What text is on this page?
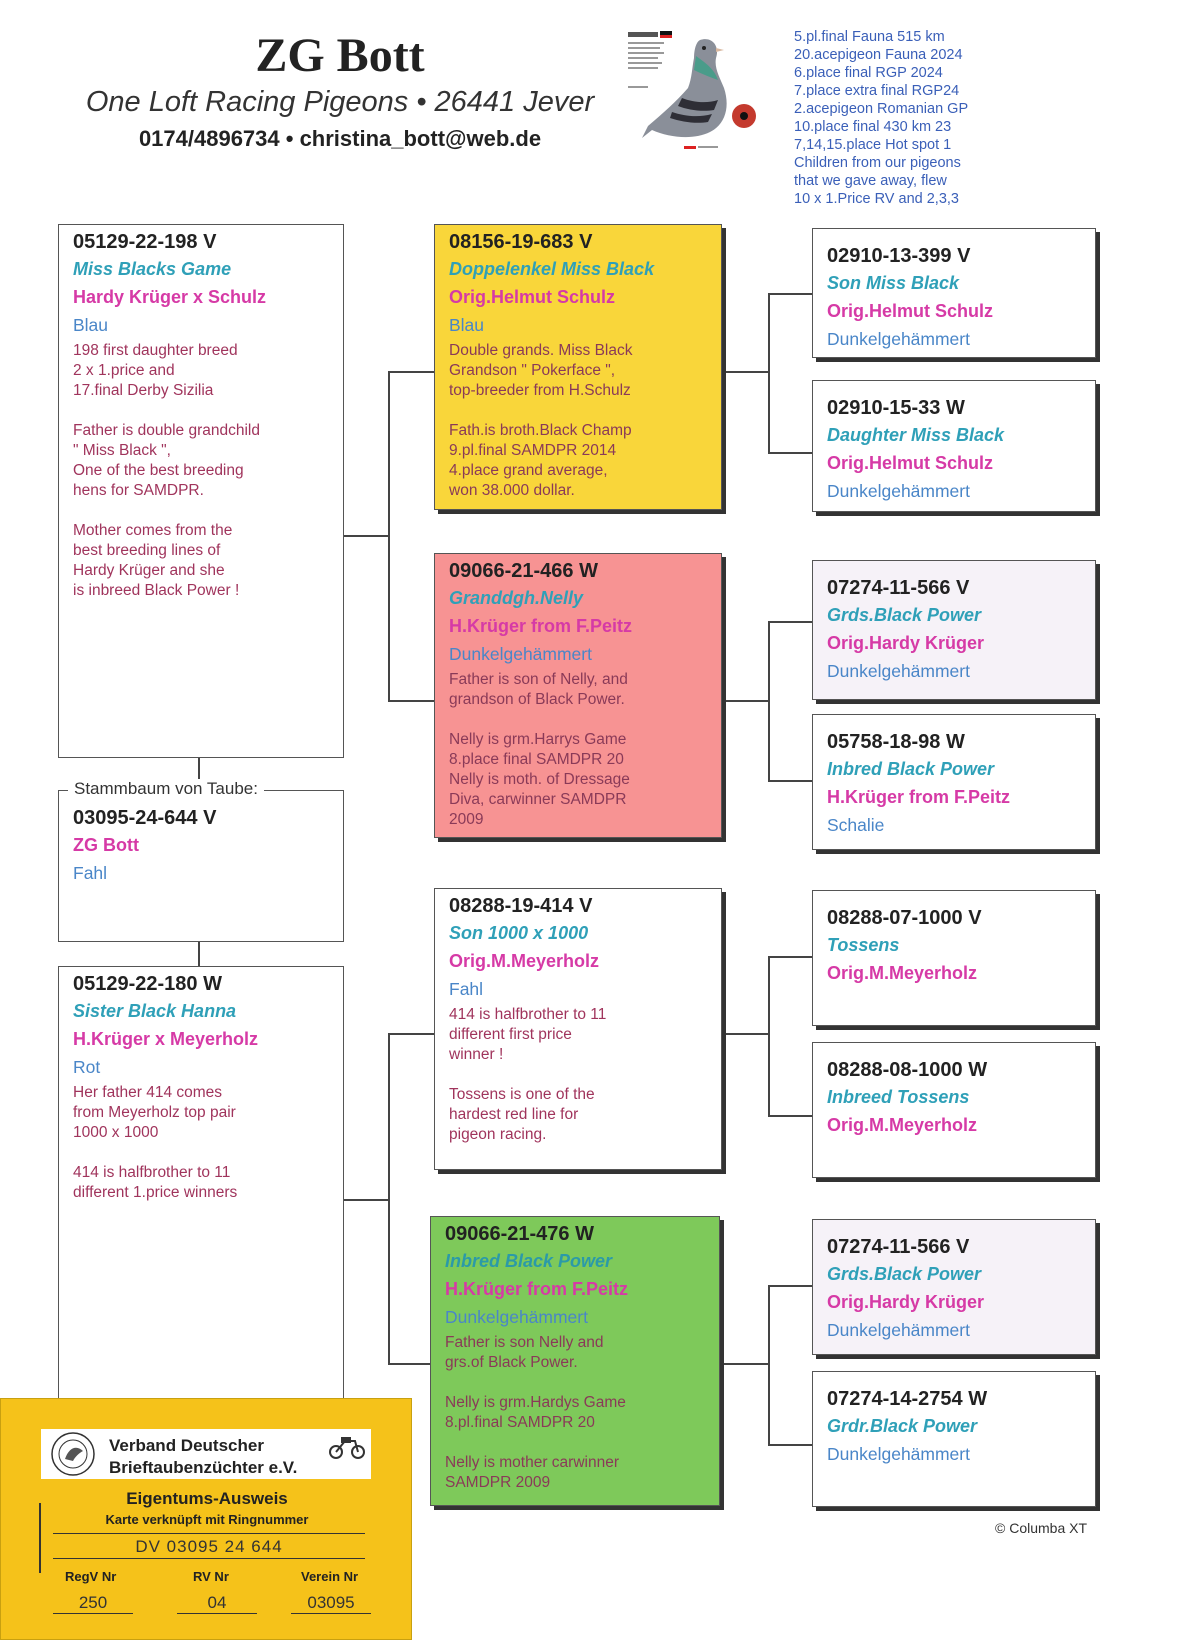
ZG Bott
One Loft Racing Pigeons • 26441 Jever
0174/4896734 • christina_bott@web.de
5.pl.final Fauna 515 km
20.acepigeon Fauna 2024
6.place final RGP 2024
7.place extra final RGP24
2.acepigeon Romanian GP
10.place final 430 km 23
7,14,15.place Hot spot 1
Children from our pigeons
that we gave away, flew
10 x 1.Price RV and 2,3,3
05129-22-198 V
Miss Blacks Game
Hardy Krüger x Schulz
Blau
198 first daughter breed
2 x 1.price and
17.final Derby Sizilia

Father is double grandchild
" Miss Black ",
One of the best breeding
hens for SAMDPR.

Mother comes from the
best breeding lines of
Hardy Krüger and she
is inbreed Black Power !
03095-24-644 V
ZG Bott
Fahl
Stammbaum von Taube:
05129-22-180 W
Sister Black Hanna
H.Krüger x Meyerholz
Rot
Her father 414 comes
from Meyerholz top pair
1000 x 1000

414 is halfbrother to 11
different 1.price winners
08156-19-683 V
Doppelenkel Miss Black
Orig.Helmut Schulz
Blau
Double grands. Miss Black
Grandson " Pokerface ",
top-breeder from H.Schulz

Fath.is broth.Black Champ
9.pl.final SAMDPR 2014
4.place grand average,
won 38.000 dollar.
09066-21-466 W
Granddgh.Nelly
H.Krüger from F.Peitz
Dunkelgehämmert
Father is son of Nelly, and
grandson of Black Power.

Nelly is grm.Harrys Game
8.place final SAMDPR 20
Nelly is moth. of Dressage
Diva, carwinner SAMDPR
2009
08288-19-414 V
Son 1000 x 1000
Orig.M.Meyerholz
Fahl
414 is halfbrother to 11
different first price
winner !

Tossens is one of the
hardest red line for
pigeon racing.
09066-21-476 W
Inbred Black Power
H.Krüger from F.Peitz
Dunkelgehämmert
Father is son Nelly and
grs.of Black Power.

Nelly is grm.Hardys Game
8.pl.final SAMDPR 20

Nelly is mother carwinner
SAMDPR 2009
02910-13-399 V
Son Miss Black
Orig.Helmut Schulz
Dunkelgehämmert
02910-15-33 W
Daughter Miss Black
Orig.Helmut Schulz
Dunkelgehämmert
07274-11-566 V
Grds.Black Power
Orig.Hardy Krüger
Dunkelgehämmert
05758-18-98 W
Inbred Black Power
H.Krüger from F.Peitz
Schalie
08288-07-1000 V
Tossens
Orig.M.Meyerholz
08288-08-1000 W
Inbreed Tossens
Orig.M.Meyerholz
07274-11-566 V
Grds.Black Power
Orig.Hardy Krüger
Dunkelgehämmert
07274-14-2754 W
Grdr.Black Power
Dunkelgehämmert
Verband Deutscher
Brieftaubenzüchter e.V.
Eigentums-Ausweis
Karte verknüpft mit Ringnummer
DV 03095 24 644
RegV Nr	RV Nr	Verein Nr
250	04	03095
© Columba XT
